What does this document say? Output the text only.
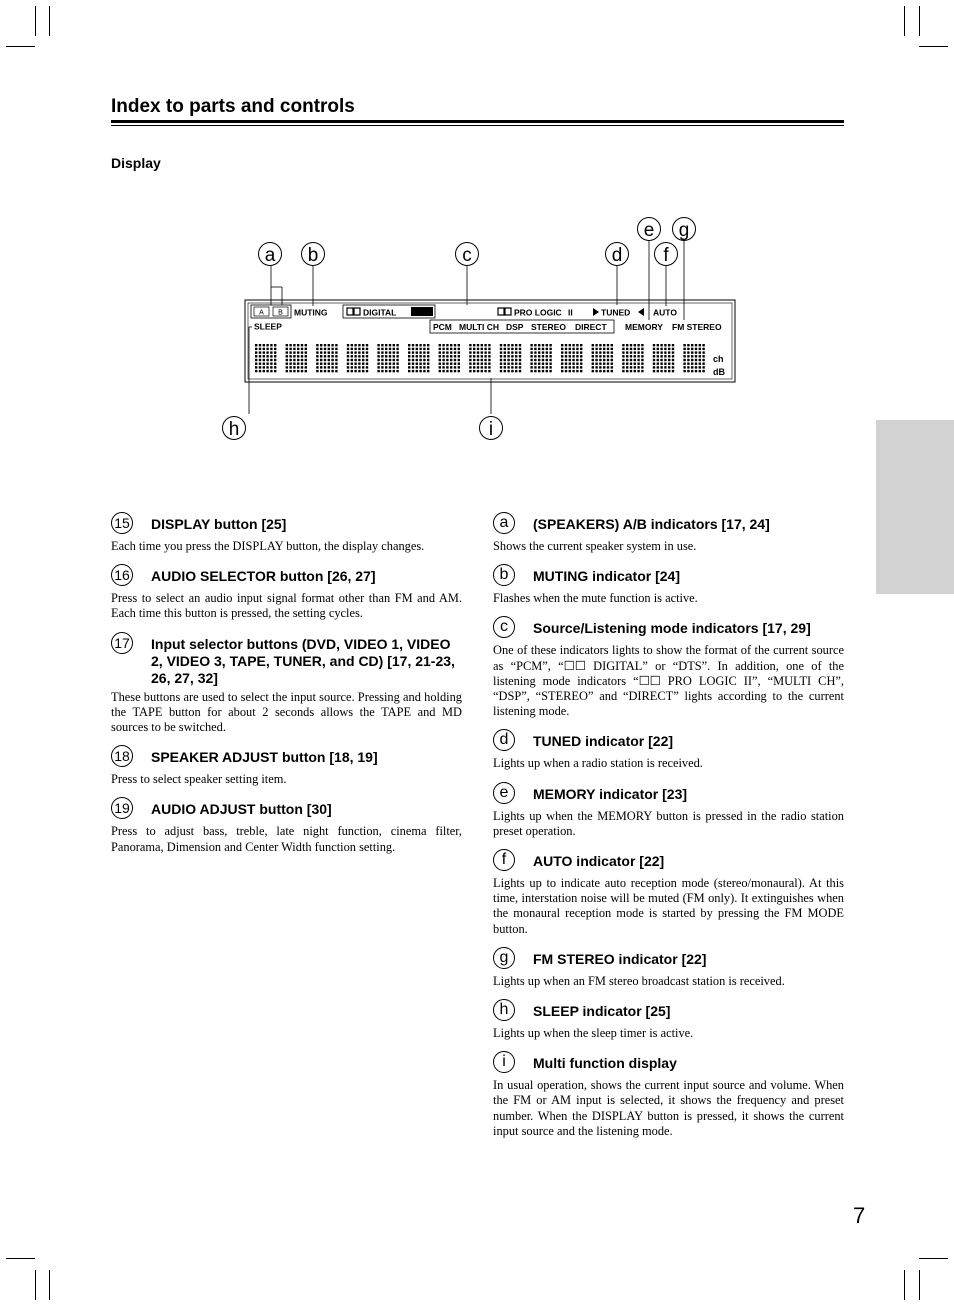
Index to parts and controls
Display
A B MUTING
SLEEP
DIGITAL	PRO LOGIC II	TUNED	AUTO
PCM MULTI CH DSP STEREO DIRECT MEMORY FM STEREO
ch
dB
a b	c	d
e
f
g
h	i
15 DISPLAY button [25]
Each time you press the DISPLAY button, the display changes.
16 AUDIO SELECTOR button [26, 27]
Press to select an audio input signal format other than FM and AM. Each time this button is pressed, the setting cycles.
17 Input selector buttons (DVD, VIDEO 1, VIDEO 2, VIDEO 3, TAPE, TUNER, and CD) [17, 21-23, 26, 27, 32]
These buttons are used to select the input source. Pressing and holding the TAPE button for about 2 seconds allows the TAPE and MD sources to be switched.
18 SPEAKER ADJUST button [18, 19]
Press to select speaker setting item.
19 AUDIO ADJUST button [30]
Press to adjust bass, treble, late night function, cinema filter, Panorama, Dimension and Center Width function setting.
a	(SPEAKERS) A/B indicators [17, 24]
Shows the current speaker system in use.
b	MUTING indicator [24]
Flashes when the mute function is active.
c	Source/Listening mode indicators [17, 29]
One of these indicators lights to show the format of the current source as “PCM”, “☐☐ DIGITAL” or “DTS”. In addition, one of the listening mode indicators “☐☐ PRO LOGIC II”, “MULTI CH”, “DSP”, “STEREO” and “DIRECT” lights according to the current listening mode.
d	TUNED indicator [22]
Lights up when a radio station is received.
e	MEMORY indicator [23]
Lights up when the MEMORY button is pressed in the radio station preset operation.
f	AUTO indicator [22]
Lights up to indicate auto reception mode (stereo/monaural). At this time, interstation noise will be muted (FM only). It extinguishes when the monaural reception mode is started by pressing the FM MODE button.
g	FM STEREO indicator [22]
Lights up when an FM stereo broadcast station is received.
h	SLEEP indicator [25]
Lights up when the sleep timer is active.
i	Multi function display
In usual operation, shows the current input source and volume. When the FM or AM input is selected, it shows the frequency and preset number. When the DISPLAY button is pressed, it shows the current input source and the listening mode.
7
